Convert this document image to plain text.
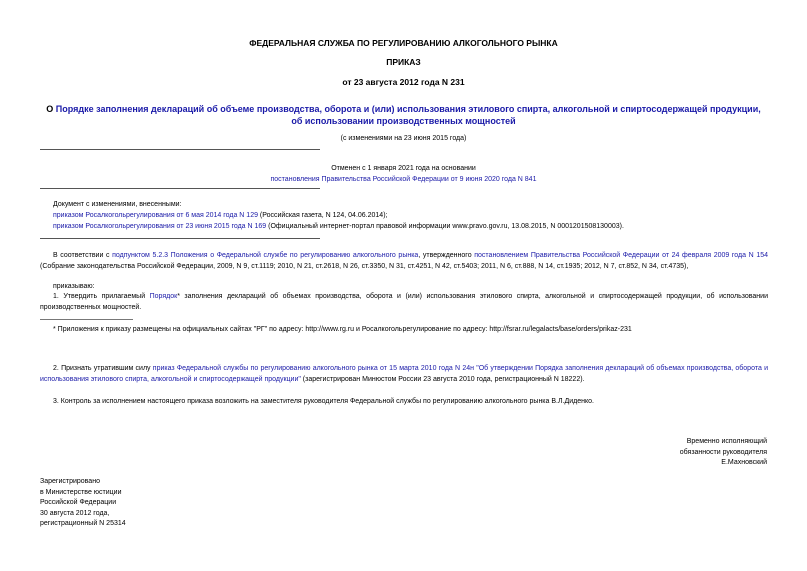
ФЕДЕРАЛЬНАЯ СЛУЖБА ПО РЕГУЛИРОВАНИЮ АЛКОГОЛЬНОГО РЫНКА
ПРИКАЗ
от 23 августа 2012 года N 231
О Порядке заполнения деклараций об объеме производства, оборота и (или) использования этилового спирта, алкогольной и спиртосодержащей продукции, об использовании производственных мощностей
(с изменениями на 23 июня 2015 года)
Отменен с 1 января 2021 года на основании
постановления Правительства Российской Федерации от 9 июня 2020 года N 841
Документ с изменениями, внесенными:
приказом Росалкогольрегулирования от 6 мая 2014 года N 129 (Российская газета, N 124, 04.06.2014);
приказом Росалкогольрегулирования от 23 июня 2015 года N 169 (Официальный интернет-портал правовой информации www.pravo.gov.ru, 13.08.2015, N 0001201508130003).
В соответствии с подпунктом 5.2.3 Положения о Федеральной службе по регулированию алкогольного рынка, утвержденного постановлением Правительства Российской Федерации от 24 февраля 2009 года N 154 (Собрание законодательства Российской Федерации, 2009, N 9, ст.1119; 2010, N 21, ст.2618, N 26, ст.3350, N 31, ст.4251, N 42, ст.5403; 2011, N 6, ст.888, N 14, ст.1935; 2012, N 7, ст.852, N 34, ст.4735),
приказываю:
1. Утвердить прилагаемый Порядок* заполнения деклараций об объемах производства, оборота и (или) использования этилового спирта, алкогольной и спиртосодержащей продукции, об использовании производственных мощностей.
* Приложения к приказу размещены на официальных сайтах "РГ" по адресу: http://www.rg.ru и Росалкогольрегулирование по адресу: http://fsrar.ru/legalacts/base/orders/prikaz-231
2. Признать утратившим силу приказ Федеральной службы по регулированию алкогольного рынка от 15 марта 2010 года N 24н "Об утверждении Порядка заполнения деклараций об объемах производства, оборота и использования этилового спирта, алкогольной и спиртосодержащей продукции" (зарегистрирован Минюстом России 23 августа 2010 года, регистрационный N 18222).
3. Контроль за исполнением настоящего приказа возложить на заместителя руководителя Федеральной службы по регулированию алкогольного рынка В.Л.Диденко.
Временно исполняющий
обязанности руководителя
Е.Махновский
Зарегистрировано
в Министерстве юстиции
Российской Федерации
30 августа 2012 года,
регистрационный N 25314
